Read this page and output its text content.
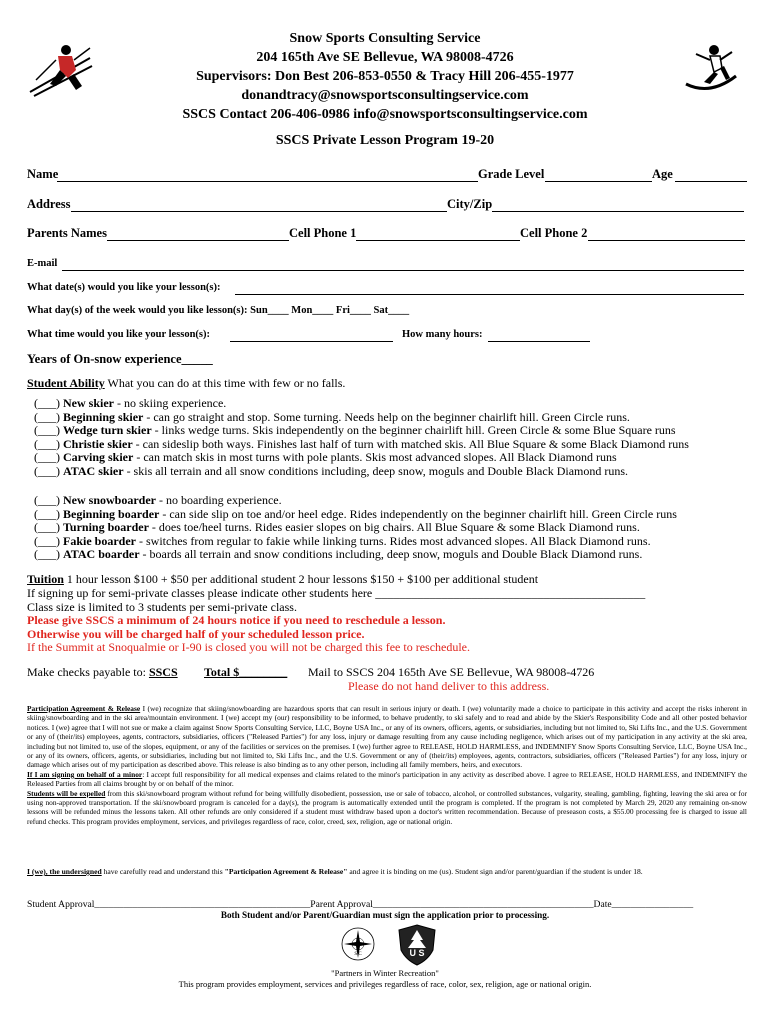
Snow Sports Consulting Service
204 165th Ave SE Bellevue, WA 98008-4726
Supervisors: Don Best 206-853-0550 & Tracy Hill 206-455-1977
donandtracy@snowsportsconsultingservice.com
SSCS Contact 206-406-0986 info@snowsportsconsultingservice.com
SSCS Private Lesson Program 19-20
Name	Grade Level	Age
Address	City/Zip
Parents Names	Cell Phone 1	Cell Phone 2
E-mail
What date(s) would you like your lesson(s):
What day(s) of the week would you like lesson(s): Sun____ Mon____ Fri____ Sat____
What time would you like your lesson(s):	How many hours:
Years of On-snow experience_____
Student Ability What you can do at this time with few or no falls.
(___) New skier - no skiing experience.
(___) Beginning skier - can go straight and stop. Some turning. Needs help on the beginner chairlift hill. Green Circle runs.
(___) Wedge turn skier - links wedge turns. Skis independently on the beginner chairlift hill. Green Circle & some Blue Square runs
(___) Christie skier - can sideslip both ways. Finishes last half of turn with matched skis. All Blue Square & some Black Diamond runs
(___) Carving skier - can match skis in most turns with pole plants. Skis most advanced slopes. All Black Diamond runs
(___) ATAC skier - skis all terrain and all snow conditions including, deep snow, moguls and Double Black Diamond runs.
(___) New snowboarder - no boarding experience.
(___) Beginning boarder - can side slip on toe and/or heel edge. Rides independently on the beginner chairlift hill. Green Circle runs
(___) Turning boarder - does toe/heel turns. Rides easier slopes on big chairs. All Blue Square & some Black Diamond runs.
(___) Fakie boarder - switches from regular to fakie while linking turns. Rides most advanced slopes. All Black Diamond runs.
(___) ATAC boarder - boards all terrain and snow conditions including, deep snow, moguls and Double Black Diamond runs.
Tuition 1 hour lesson $100 + $50 per additional student 2 hour lessons $150 + $100 per additional student
If signing up for semi-private classes please indicate other students here _____________________________________________
Class size is limited to 3 students per semi-private class.
Please give SSCS a minimum of 24 hours notice if you need to reschedule a lesson.
Otherwise you will be charged half of your scheduled lesson price.
If the Summit at Snoqualmie or I-90 is closed you will not be charged this fee to reschedule.
Make checks payable to: SSCS Total $________ Mail to SSCS 204 165th Ave SE Bellevue, WA 98008-4726
Please do not hand deliver to this address.

Participation Agreement & Release I (we) recognize that skiing/snowboarding are hazardous sports that can result in serious injury or death. I (we) voluntarily made a choice to participate in this activity and accept the risks inherent in skiing/snowboarding and in the ski area/mountain environment. I (we) accept my (our) responsibility to be informed, to behave prudently, to ski safely and to read and abide by the Skier's Responsibility Code and all other posted behavior notices. I (we) agree that I will not sue or make a claim against Snow Sports Consulting Service, LLC, Boyne USA Inc., or any of its owners, officers, agents, or subsidiaries, including but not limited to, Ski Lifts Inc., and the U.S. Government or any of (their/its) employees, agents, contractors, subsidiaries, officers ("Released Parties") for any loss, injury or damage resulting from any cause including negligence, which arises out of my participation in any activity at the ski area, including but not limited to, use of the slopes, equipment, or any of the facilities or services on the premises. I (we) further agree to RELEASE, HOLD HARMLESS, and INDEMNIFY Snow Sports Consulting Service, LLC, Boyne USA Inc., or any of its owners, officers, agents, or subsidiaries, including but not limited to, Ski Lifts Inc., and the U.S. Government or any of (their/its) employees, agents, contractors, subsidiaries, officers ("Released Parties") for any loss, injury or damage which arises out of my participation as described above. This release is also binding as to any other person, including all family members, heirs, and executors.

If I am signing on behalf of a minor: I accept full responsibility for all medical expenses and claims related to the minor's participation in any activity as described above. I agree to RELEASE, HOLD HARMLESS, and INDEMNIFY the Released Parties from all claims brought by or on behalf of the minor.

Students will be expelled from this ski/snowboard program without refund for being willfully disobedient, possession, use or sale of tobacco, alcohol, or controlled substances, vulgarity, stealing, gambling, fighting, leaving the ski area or for using non-approved transportation. If the ski/snowboard program is canceled for a day(s), the program is automatically extended until the program is completed. If the program is not completed by March 29, 2020 any remaining on-snow lessons will be refunded minus the lessons taken. All other refunds are only considered if a student must withdraw based upon a doctor's written recommendation. Because of preseason costs, a $55.00 processing fee is charged to issue all refund checks. This program provides employment, services, and privileges regardless of race, color, creed, sex, religion, age or national origin.

I (we), the undersigned have carefully read and understand this "Participation Agreement & Release" and agree it is binding on me (us). Student sign and/or parent/guardian if the student is under 18.
Student Approval_____________________________________________Parent Approval______________________________________________Date_________________
Both Student and/or Parent/Guardian must sign the application prior to processing.
S C	U S
"Partners in Winter Recreation"
This program provides employment, services and privileges regardless of race, color, sex, religion, age or national origin.
